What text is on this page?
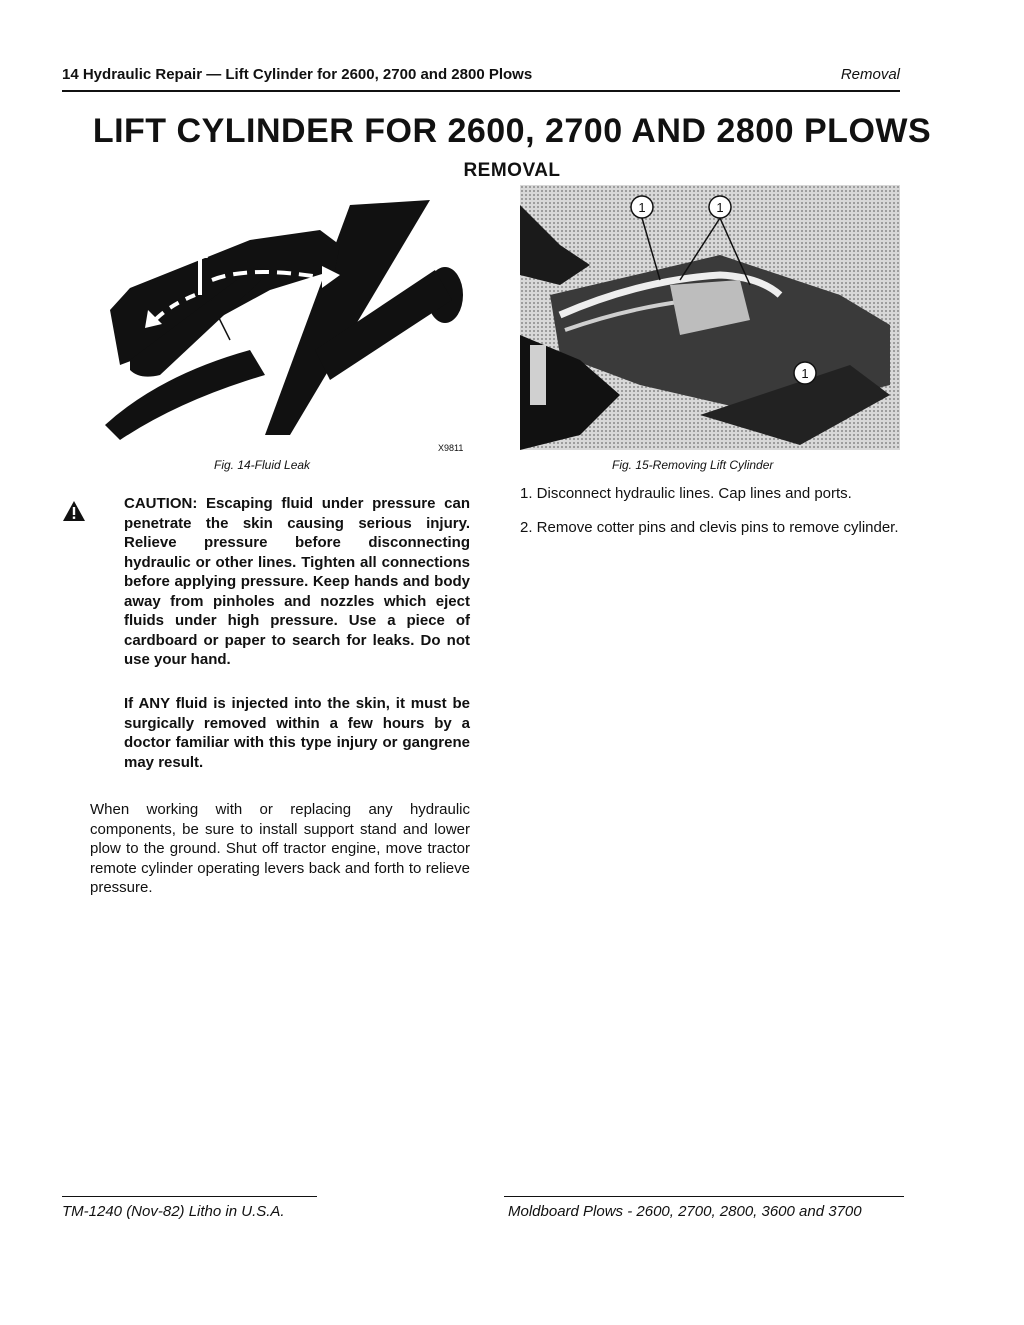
14 Hydraulic Repair — Lift Cylinder for 2600, 2700 and 2800 Plows	Removal
LIFT CYLINDER FOR 2600, 2700 AND 2800 PLOWS
REMOVAL
X9811
Fig. 14-Fluid Leak
1	1
1
Fig. 15-Removing Lift Cylinder
CAUTION: Escaping fluid under pressure can penetrate the skin causing serious injury. Relieve pressure before disconnecting hydraulic or other lines. Tighten all connections before applying pressure. Keep hands and body away from pinholes and nozzles which eject fluids under high pressure. Use a piece of cardboard or paper to search for leaks. Do not use your hand.
If ANY fluid is injected into the skin, it must be surgically removed within a few hours by a doctor familiar with this type injury or gangrene may result.
When working with or replacing any hydraulic components, be sure to install support stand and lower plow to the ground. Shut off tractor engine, move tractor remote cylinder operating levers back and forth to relieve pressure.

1. Disconnect hydraulic lines. Cap lines and ports.

2. Remove cotter pins and clevis pins to remove cylinder.

TM-1240 (Nov-82) Litho in U.S.A.	Moldboard Plows - 2600, 2700, 2800, 3600 and 3700
